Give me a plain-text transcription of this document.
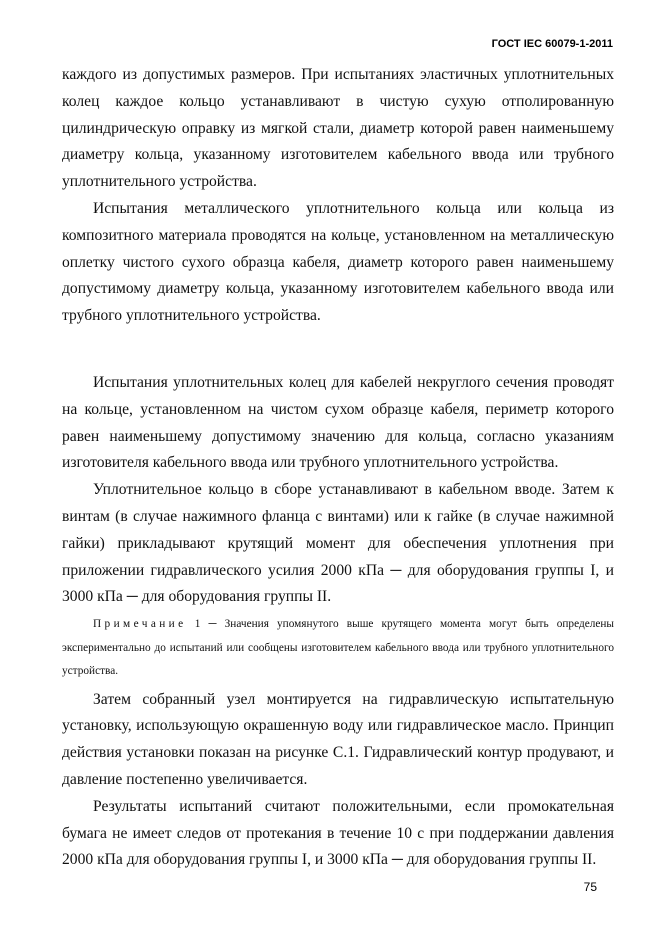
ГОСТ IEC 60079-1-2011

каждого из допустимых размеров. При испытаниях эластичных уплотнительных колец каждое кольцо устанавливают в чистую сухую отполированную цилиндрическую оправку из мягкой стали, диаметр которой равен наименьшему диаметру кольца, указанному изготовителем кабельного ввода или трубного уплотнительного устройства.

Испытания металлического уплотнительного кольца или кольца из композитного материала проводятся на кольце, установленном на металлическую оплетку чистого сухого образца кабеля, диаметр которого равен наименьшему допустимому диаметру кольца, указанному изготовителем кабельного ввода или трубного уплотнительного устройства.

Испытания уплотнительных колец для кабелей некруглого сечения проводят на кольце, установленном на чистом сухом образце кабеля, периметр которого равен наименьшему допустимому значению для кольца, согласно указаниям изготовителя кабельного ввода или трубного уплотнительного устройства.

Уплотнительное кольцо в сборе устанавливают в кабельном вводе. Затем к винтам (в случае нажимного фланца с винтами) или к гайке (в случае нажимной гайки) прикладывают крутящий момент для обеспечения уплотнения при приложении гидравлического усилия 2000 кПа ─ для оборудования группы I, и 3000 кПа ─ для оборудования группы II.

Примечание 1 ─ Значения упомянутого выше крутящего момента могут быть определены экспериментально до испытаний или сообщены изготовителем кабельного ввода или трубного уплотнительного устройства.

Затем собранный узел монтируется на гидравлическую испытательную установку, использующую окрашенную воду или гидравлическое масло. Принцип действия установки показан на рисунке С.1. Гидравлический контур продувают, и давление постепенно увеличивается.

Результаты испытаний считают положительными, если промокательная бумага не имеет следов от протекания в течение 10 с при поддержании давления 2000 кПа для оборудования группы I, и 3000 кПа ─ для оборудования группы II.

75
